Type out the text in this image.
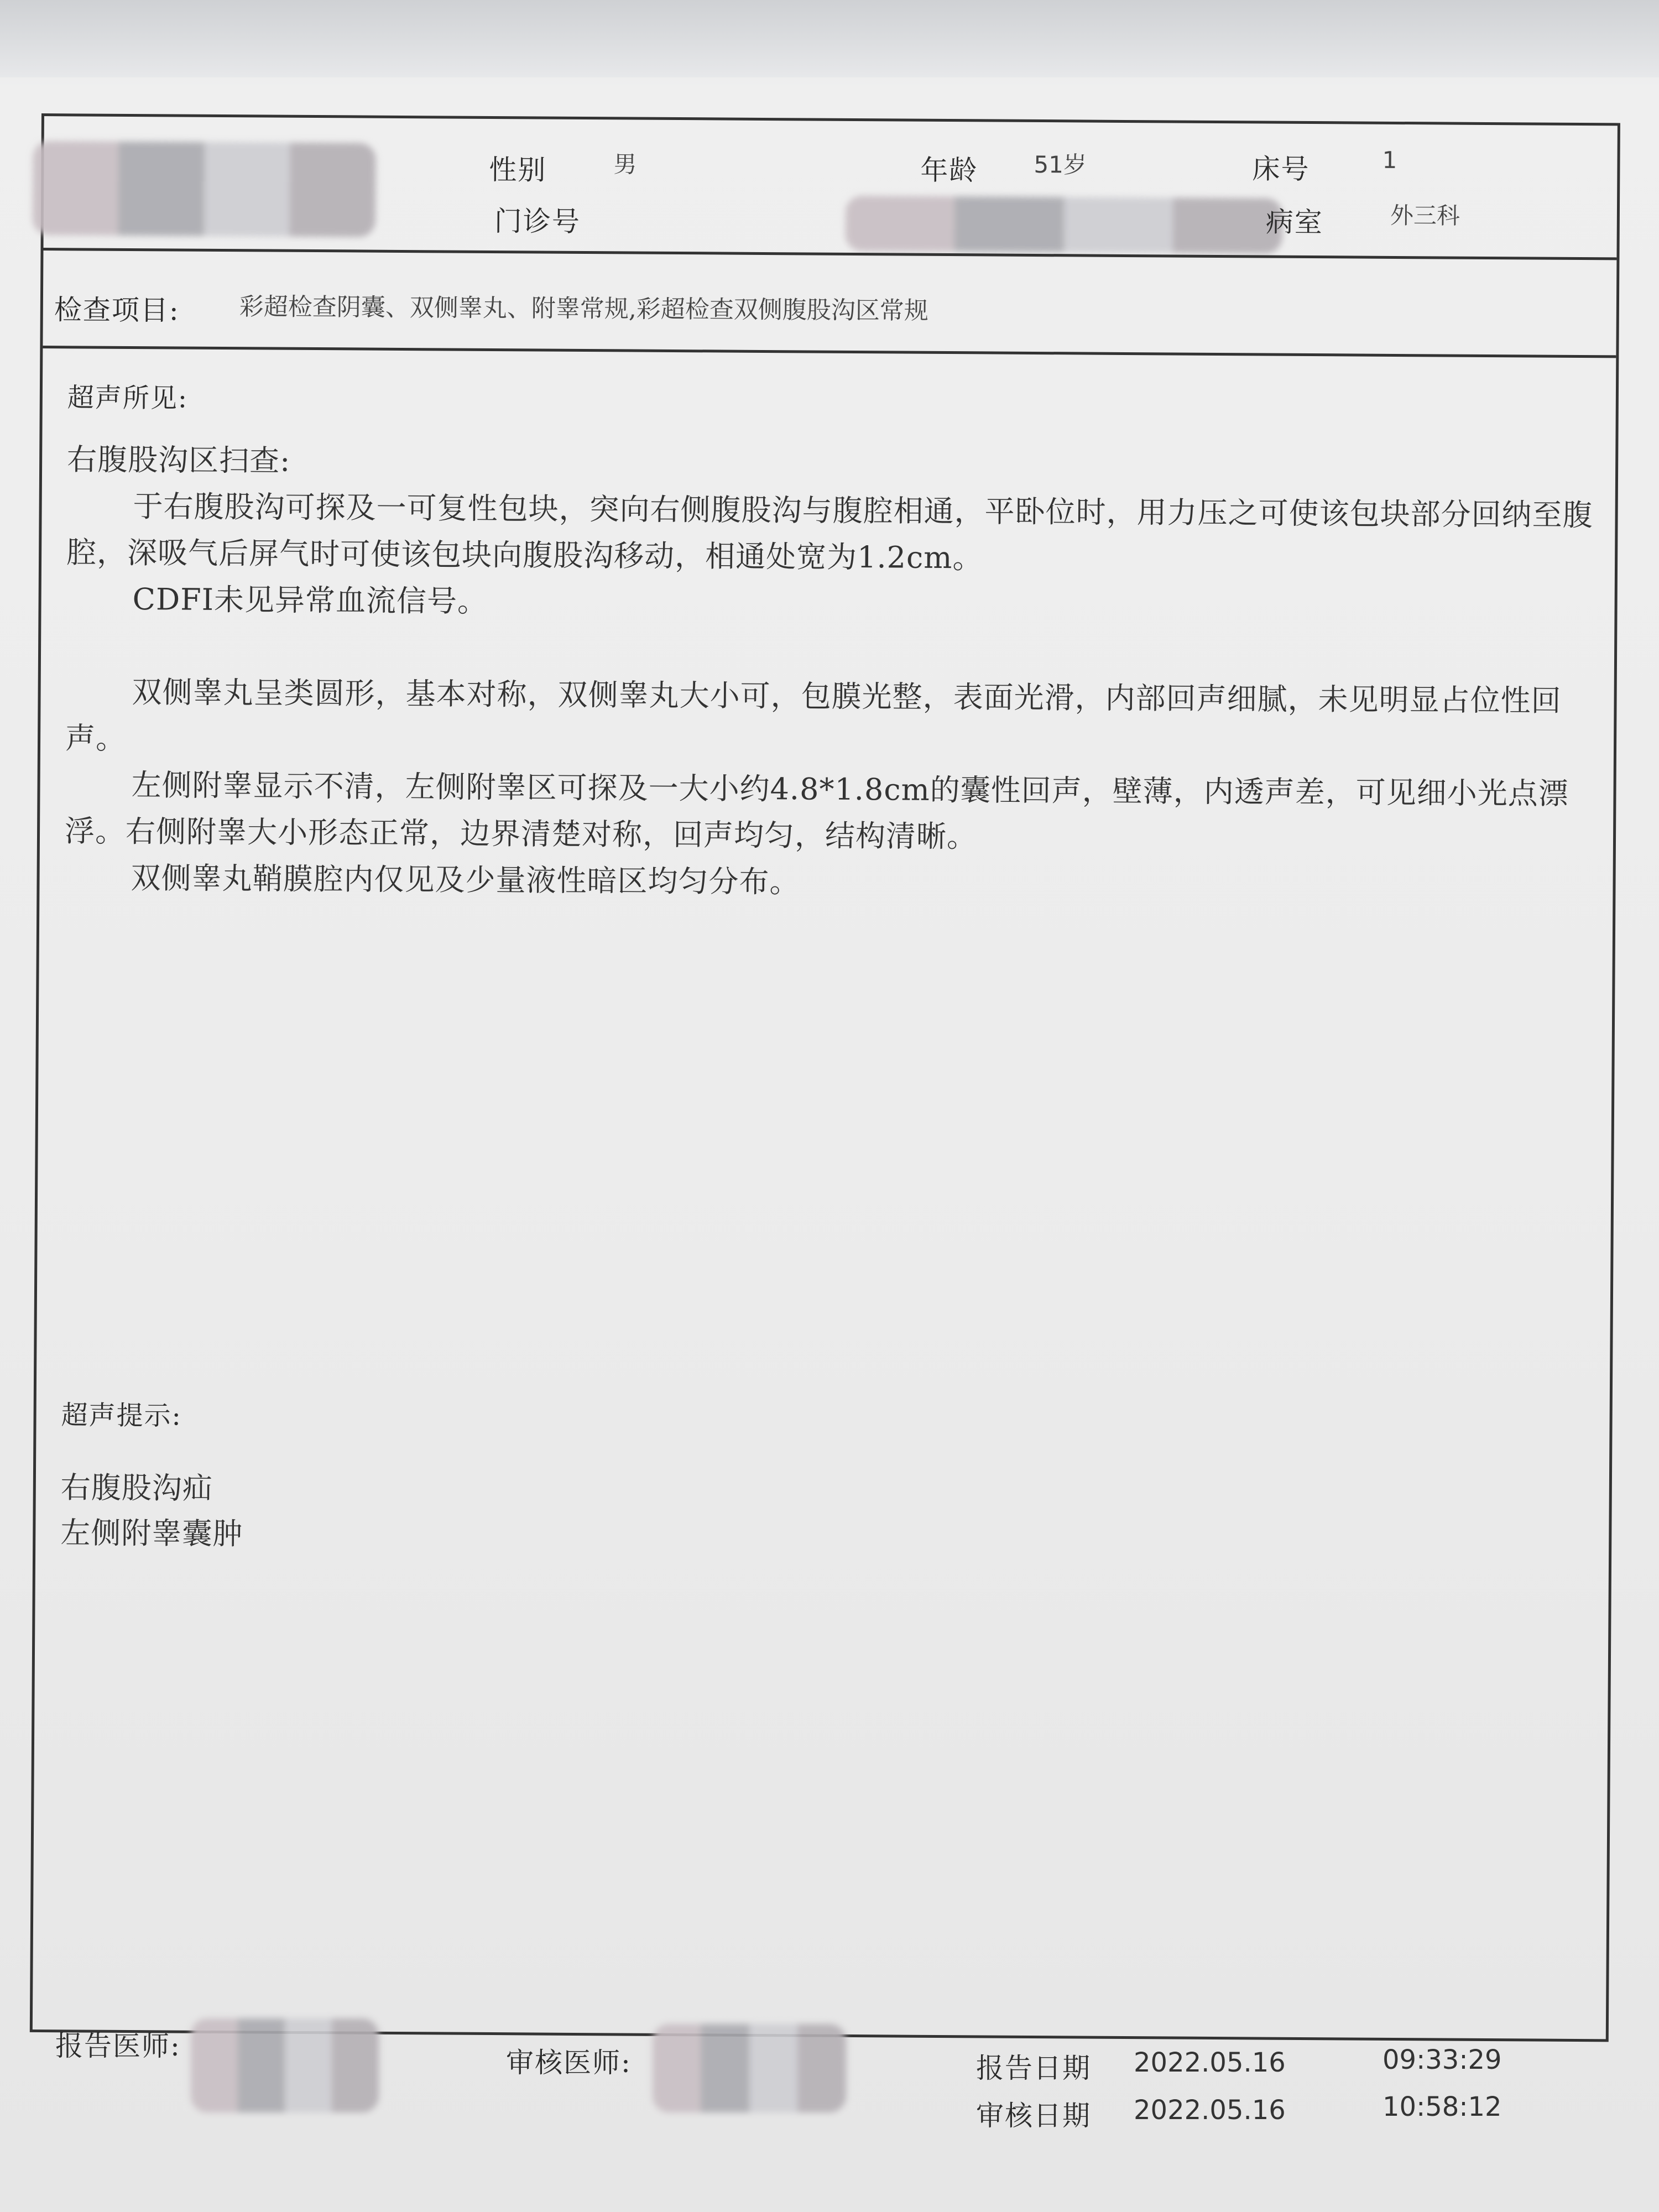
性别	男	年龄 51岁	床号	1
门诊号	病室	外三科
检查项目: 彩超检查阴囊、双侧睾丸、附睾常规,彩超检查双侧腹股沟区常规

超声所见:

右腹股沟区扫查:

于右腹股沟可探及一可复性包块，突向右侧腹股沟与腹腔相通，平卧位时，用力压之可使该包块部分回纳至腹腔，深吸气后屏气时可使该包块向腹股沟移动，相通处宽为1.2cm。

CDFI未见异常血流信号。

双侧睾丸呈类圆形，基本对称，双侧睾丸大小可，包膜光整，表面光滑，内部回声细腻，未见明显占位性回声。

左侧附睾显示不清，左侧附睾区可探及一大小约4.8*1.8cm的囊性回声，壁薄，内透声差，可见细小光点漂浮。右侧附睾大小形态正常，边界清楚对称，回声均匀，结构清晰。

双侧睾丸鞘膜腔内仅见及少量液性暗区均匀分布。

超声提示:

右腹股沟疝

左侧附睾囊肿

报告医师:
审核医师:	报告日期 2022.05.16	09:33:29
审核日期 2022.05.16	10:58:12
